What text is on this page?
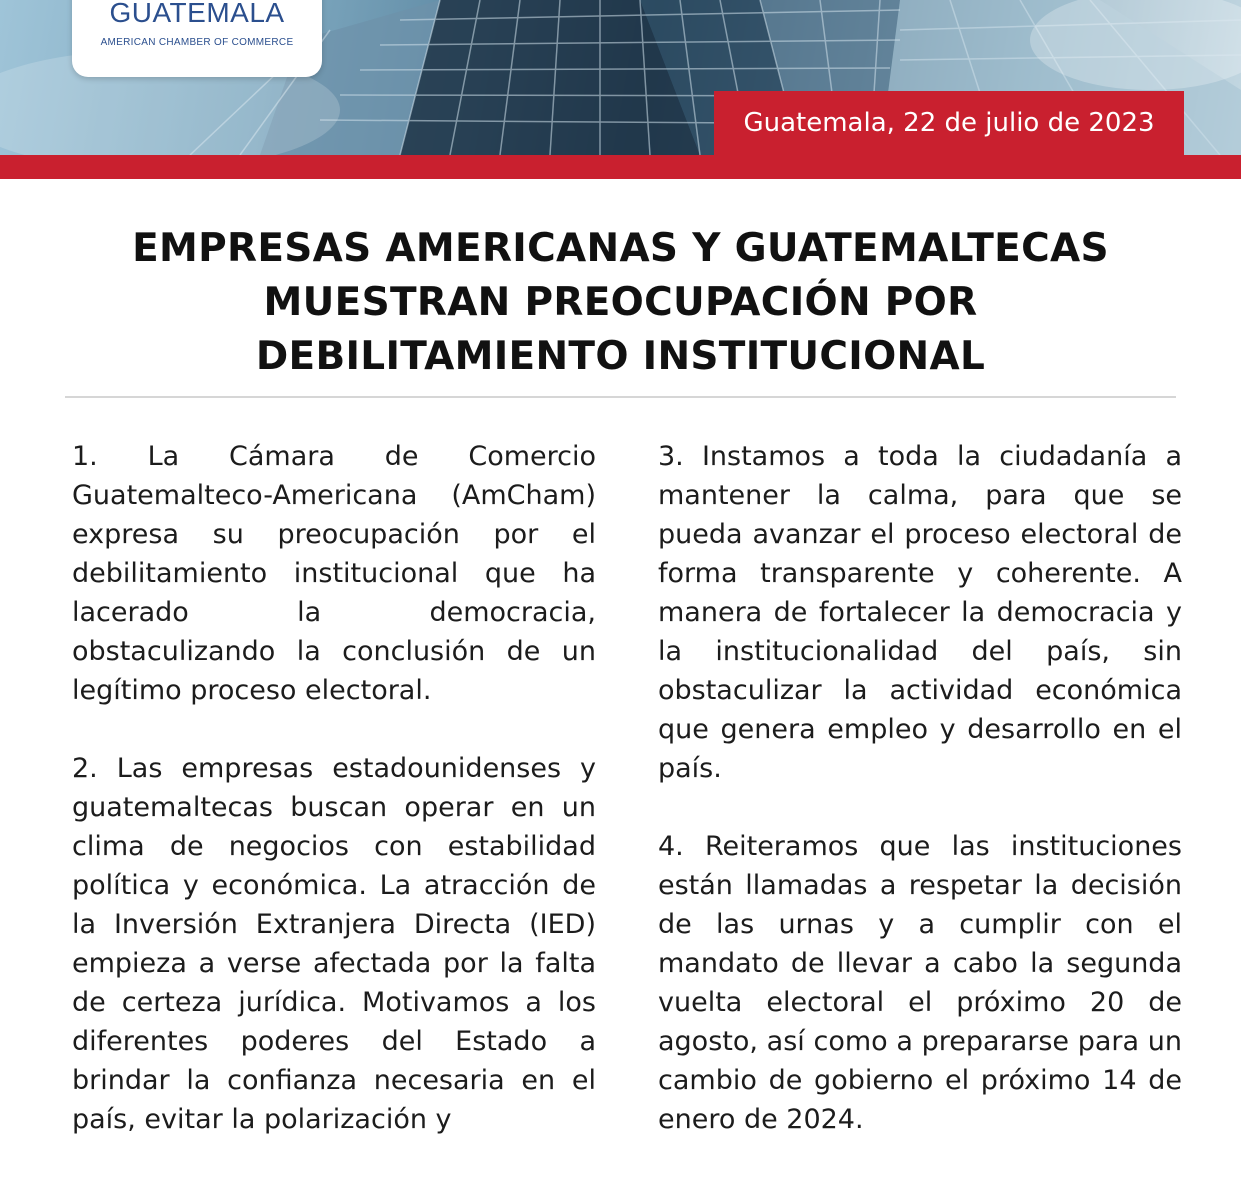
GUATEMALA
AMERICAN CHAMBER OF COMMERCE
Guatemala, 22 de julio de 2023
EMPRESAS AMERICANAS Y GUATEMALTECAS
MUESTRAN PREOCUPACIÓN POR
DEBILITAMIENTO INSTITUCIONAL

1. La Cámara de Comercio Guatemalteco-Americana (AmCham) expresa su preocupación por el debilitamiento institucional que ha lacerado la democracia, obstaculizando la conclusión de un legítimo proceso electoral.

2. Las empresas estadounidenses y guatemaltecas buscan operar en un clima de negocios con estabilidad política y económica. La atracción de la Inversión Extranjera Directa (IED) empieza a verse afectada por la falta de certeza jurídica. Motivamos a los diferentes poderes del Estado a brindar la confianza necesaria en el país, evitar la polarización y

3. Instamos a toda la ciudadanía a mantener la calma, para que se pueda avanzar el proceso electoral de forma transparente y coherente. A manera de fortalecer la democracia y la institucionalidad del país, sin obstaculizar la actividad económica que genera empleo y desarrollo en el país.

4. Reiteramos que las instituciones están llamadas a respetar la decisión de las urnas y a cumplir con el mandato de llevar a cabo la segunda vuelta electoral el próximo 20 de agosto, así como a prepararse para un cambio de gobierno el próximo 14 de enero de 2024.
